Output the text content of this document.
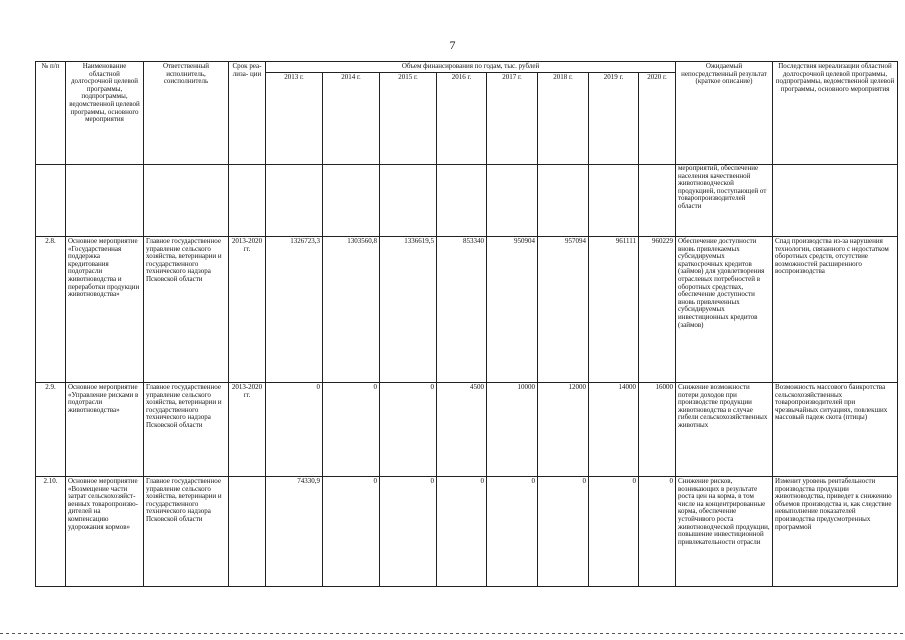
7
№ п/п	Наименование областной долгосрочной целевой программы, подпрограммы, ведомственной целевой программы, основного мероприятия	Ответственный исполнитель, соисполнитель	Срок реа- лиза- ции	Объем финансирования по годам, тыс. рублей								Ожидаемый непосредственный результат (краткое описание)	Последствия нереализации областной долгосрочной целевой программы, подпрограммы, ведомственной целевой программы, основного мероприятия
				2013 г.	2014 г.	2015 г.	2016 г.	2017 г.	2018 г.	2019 г.	2020 г.		
												мероприятий, обеспечение населения качественной животноводческой продукцией, поступающей от товаропроизводителей области	
2.8.	Основное мероприятие «Государственная поддержка кредитования подотрасли животноводства и переработки продукции животноводства»	Главное государственное управление сельского хозяйства, ветеринарии и государственного технического надзора Псковской области	2013-2020 гг.	1326723,3	1303560,8	1336619,5	853340	950904	957094	961111	960229	Обеспечение доступности вновь привлекаемых субсидируемых краткосрочных кредитов (займов) для удовлетворения отраслевых потребностей в оборотных средствах, обеспечение доступности вновь привлеченных субсидируемых инвестиционных кредитов (займов)	Спад производства из-за нарушения технологии, связанного с недостатком оборотных средств, отсутствие возможностей расширенного воспроизводства
2.9.	Основное мероприятие «Управление рисками в подотрасли животноводства»	Главное государственное управление сельского хозяйства, ветеринарии и государственного технического надзора Псковской области	2013-2020 гг.	0	0	0	4500	10000	12000	14000	16000	Снижение возможности потери доходов при производстве продукции животноводства в случае гибели сельскохозяйственных животных	Возможность массового банкротства сельскохозяйственных товаропроизводителей при чрезвычайных ситуациях, повлекших массовый падеж скота (птицы)
2.10.	Основное мероприятие «Возмещение части затрат сельскохозяйст- венных товаропроизво- дителей на компенсацию удорожания кормов»	Главное государственное управление сельского хозяйства, ветеринарии и государственного технического надзора Псковской области		74330,9	0	0	0	0	0	0	0	Снижение рисков, возникающих в результате роста цен на корма, в том числе на концентрированные корма, обеспечение устойчивого роста животноводческой продукции, повышение инвестиционной привлекательности отрасли	Изменит уровень рентабельности производства продукции животноводства, приведет к снижению объемов производства и, как следствие невыполнение показателей производства предусмотренных программой
